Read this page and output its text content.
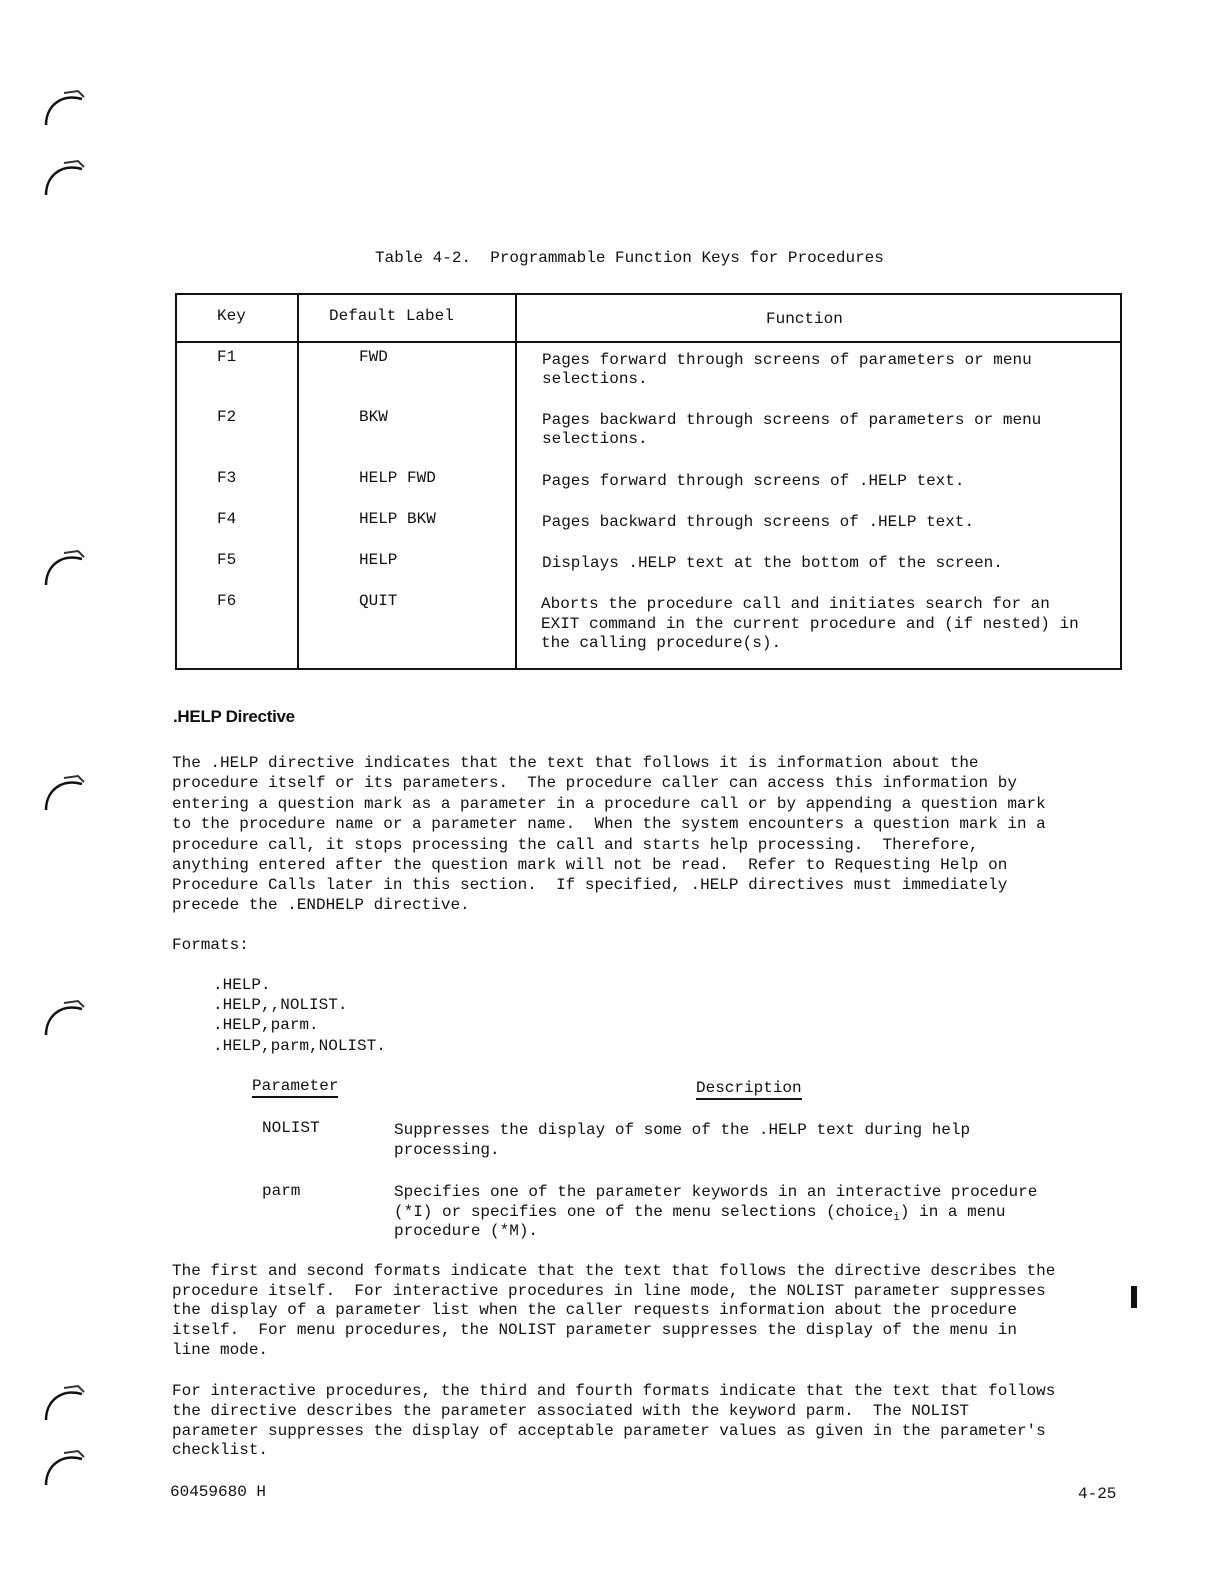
Table 4-2.  Programmable Function Keys for Procedures
Key	Default Label	Function
F1	FWD	Pages forward through screens of parameters or menu
selections.
F2	BKW	Pages backward through screens of parameters or menu
selections.
F3	HELP FWD	Pages forward through screens of .HELP text.
F4	HELP BKW	Pages backward through screens of .HELP text.
F5	HELP	Displays .HELP text at the bottom of the screen.
F6	QUIT	Aborts the procedure call and initiates search for an
EXIT command in the current procedure and (if nested) in
the calling procedure(s).
.HELP Directive
The .HELP directive indicates that the text that follows it is information about the
procedure itself or its parameters.  The procedure caller can access this information by
entering a question mark as a parameter in a procedure call or by appending a question mark
to the procedure name or a parameter name.  When the system encounters a question mark in a
procedure call, it stops processing the call and starts help processing.  Therefore,
anything entered after the question mark will not be read.  Refer to Requesting Help on
Procedure Calls later in this section.  If specified, .HELP directives must immediately
precede the .ENDHELP directive.
Formats:
.HELP.
.HELP,,NOLIST.
.HELP,parm.
.HELP,parm,NOLIST.
Parameter	Description
NOLIST	Suppresses the display of some of the .HELP text during help
processing.
parm	Specifies one of the parameter keywords in an interactive procedure
(*I) or specifies one of the menu selections (choice$_i$) in a menu
procedure (*M).
The first and second formats indicate that the text that follows the directive describes the
procedure itself.  For interactive procedures in line mode, the NOLIST parameter suppresses
the display of a parameter list when the caller requests information about the procedure
itself.  For menu procedures, the NOLIST parameter suppresses the display of the menu in
line mode.
For interactive procedures, the third and fourth formats indicate that the text that follows
the directive describes the parameter associated with the keyword parm.  The NOLIST
parameter suppresses the display of acceptable parameter values as given in the parameter's
checklist.
60459680 H	4-25
